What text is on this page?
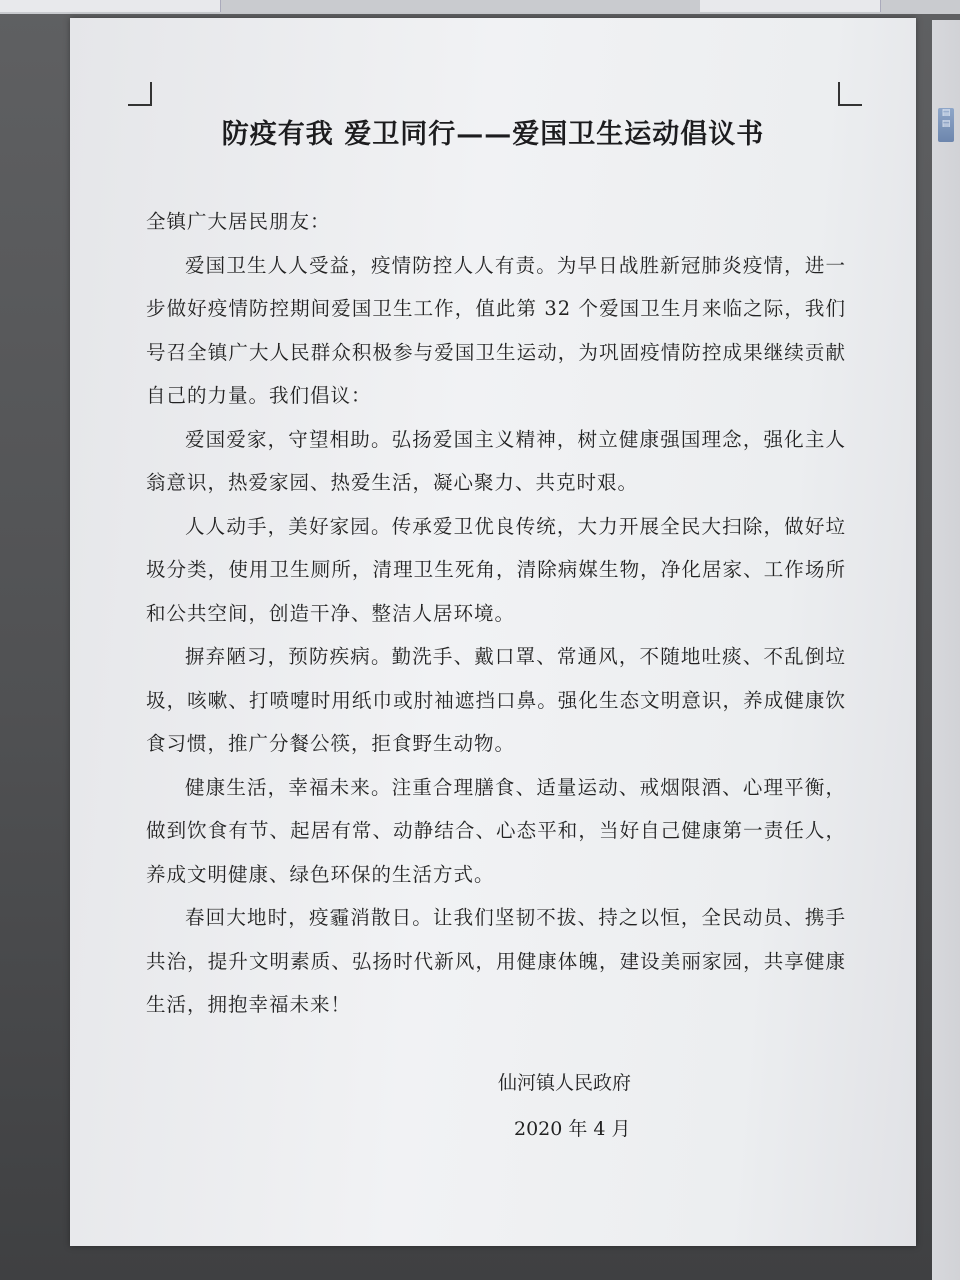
▤
▤
防疫有我 爱卫同行——爱国卫生运动倡议书

全镇广大居民朋友：

爱国卫生人人受益，疫情防控人人有责。为早日战胜新冠肺炎疫情，进一步做好疫情防控期间爱国卫生工作，值此第 32 个爱国卫生月来临之际，我们号召全镇广大人民群众积极参与爱国卫生运动，为巩固疫情防控成果继续贡献自己的力量。我们倡议：

爱国爱家，守望相助。弘扬爱国主义精神，树立健康强国理念，强化主人翁意识，热爱家园、热爱生活，凝心聚力、共克时艰。

人人动手，美好家园。传承爱卫优良传统，大力开展全民大扫除，做好垃圾分类，使用卫生厕所，清理卫生死角，清除病媒生物，净化居家、工作场所和公共空间，创造干净、整洁人居环境。

摒弃陋习，预防疾病。勤洗手、戴口罩、常通风，不随地吐痰、不乱倒垃圾，咳嗽、打喷嚏时用纸巾或肘袖遮挡口鼻。强化生态文明意识，养成健康饮食习惯，推广分餐公筷，拒食野生动物。

健康生活，幸福未来。注重合理膳食、适量运动、戒烟限酒、心理平衡，做到饮食有节、起居有常、动静结合、心态平和，当好自己健康第一责任人，养成文明健康、绿色环保的生活方式。

春回大地时，疫霾消散日。让我们坚韧不拔、持之以恒，全民动员、携手共治，提升文明素质、弘扬时代新风，用健康体魄，建设美丽家园，共享健康生活，拥抱幸福未来！

仙河镇人民政府
2020 年 4 月
